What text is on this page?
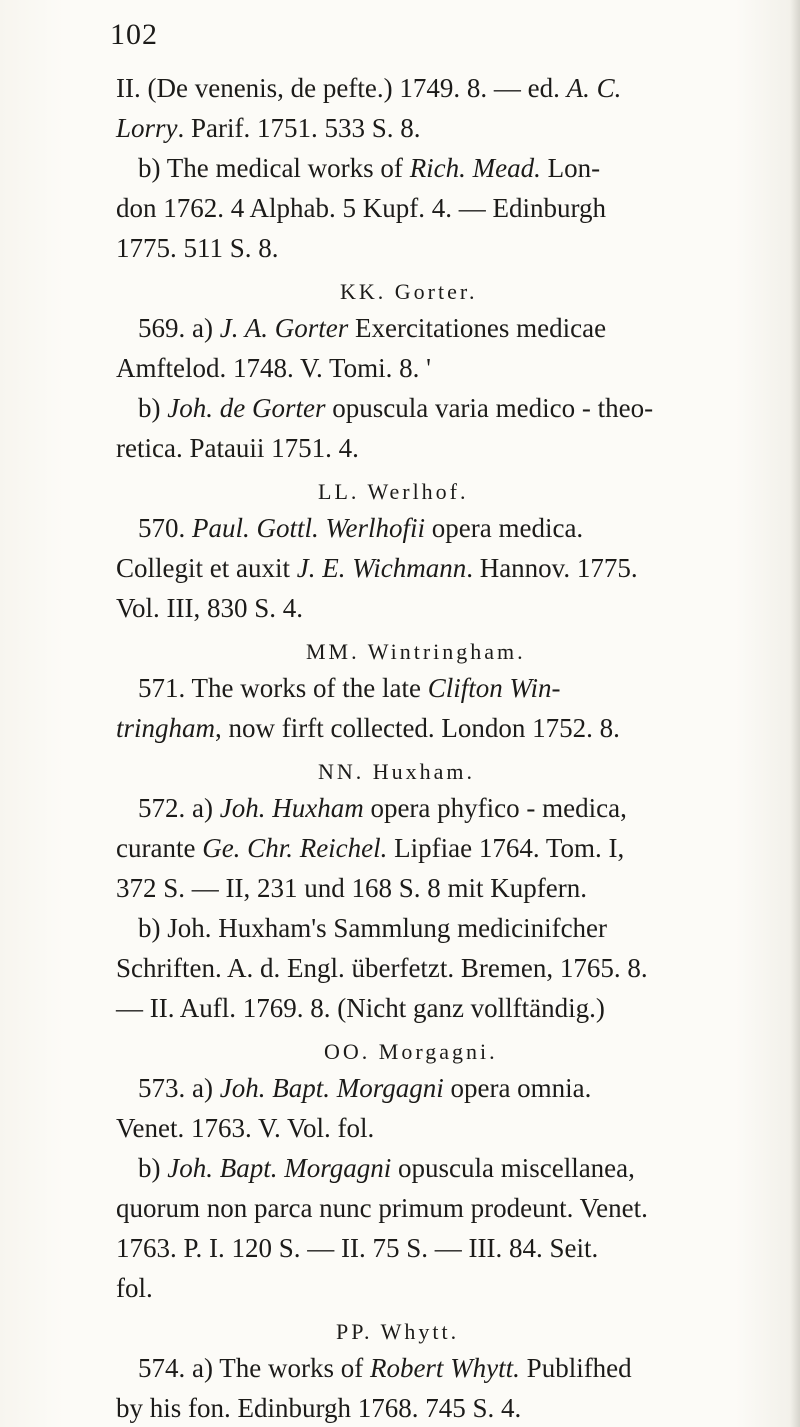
102
II. (De venenis, de pefte.) 1749. 8. — ed. A. C.
Lorry. Parif. 1751. 533 S. 8.
b) The medical works of Rich. Mead. Lon-
don 1762. 4 Alphab. 5 Kupf. 4. — Edinburgh
1775. 511 S. 8.
KK. Gorter.
569. a) J. A. Gorter Exercitationes medicae
Amftelod. 1748. V. Tomi. 8. '
b) Joh. de Gorter opuscula varia medico - theo-
retica. Patauii 1751. 4.
LL. Werlhof.
570. Paul. Gottl. Werlhofii opera medica.
Collegit et auxit J. E. Wichmann. Hannov. 1775.
Vol. III, 830 S. 4.
MM. Wintringham.
571. The works of the late Clifton Win-
tringham, now firft collected. London 1752. 8.
NN. Huxham.
572. a) Joh. Huxham opera phyfico - medica,
curante Ge. Chr. Reichel. Lipfiae 1764. Tom. I,
372 S. — II, 231 und 168 S. 8 mit Kupfern.
b) Joh. Huxham's Sammlung medicinifcher
Schriften. A. d. Engl. überfetzt. Bremen, 1765. 8.
— II. Aufl. 1769. 8. (Nicht ganz vollftändig.)
OO. Morgagni.
573. a) Joh. Bapt. Morgagni opera omnia.
Venet. 1763. V. Vol. fol.
b) Joh. Bapt. Morgagni opuscula miscellanea,
quorum non parca nunc primum prodeunt. Venet.
1763. P. I. 120 S. — II. 75 S. — III. 84. Seit.
fol.
PP. Whytt.
574. a) The works of Robert Whytt. Publifhed
by his fon. Edinburgh 1768. 745 S. 4.
